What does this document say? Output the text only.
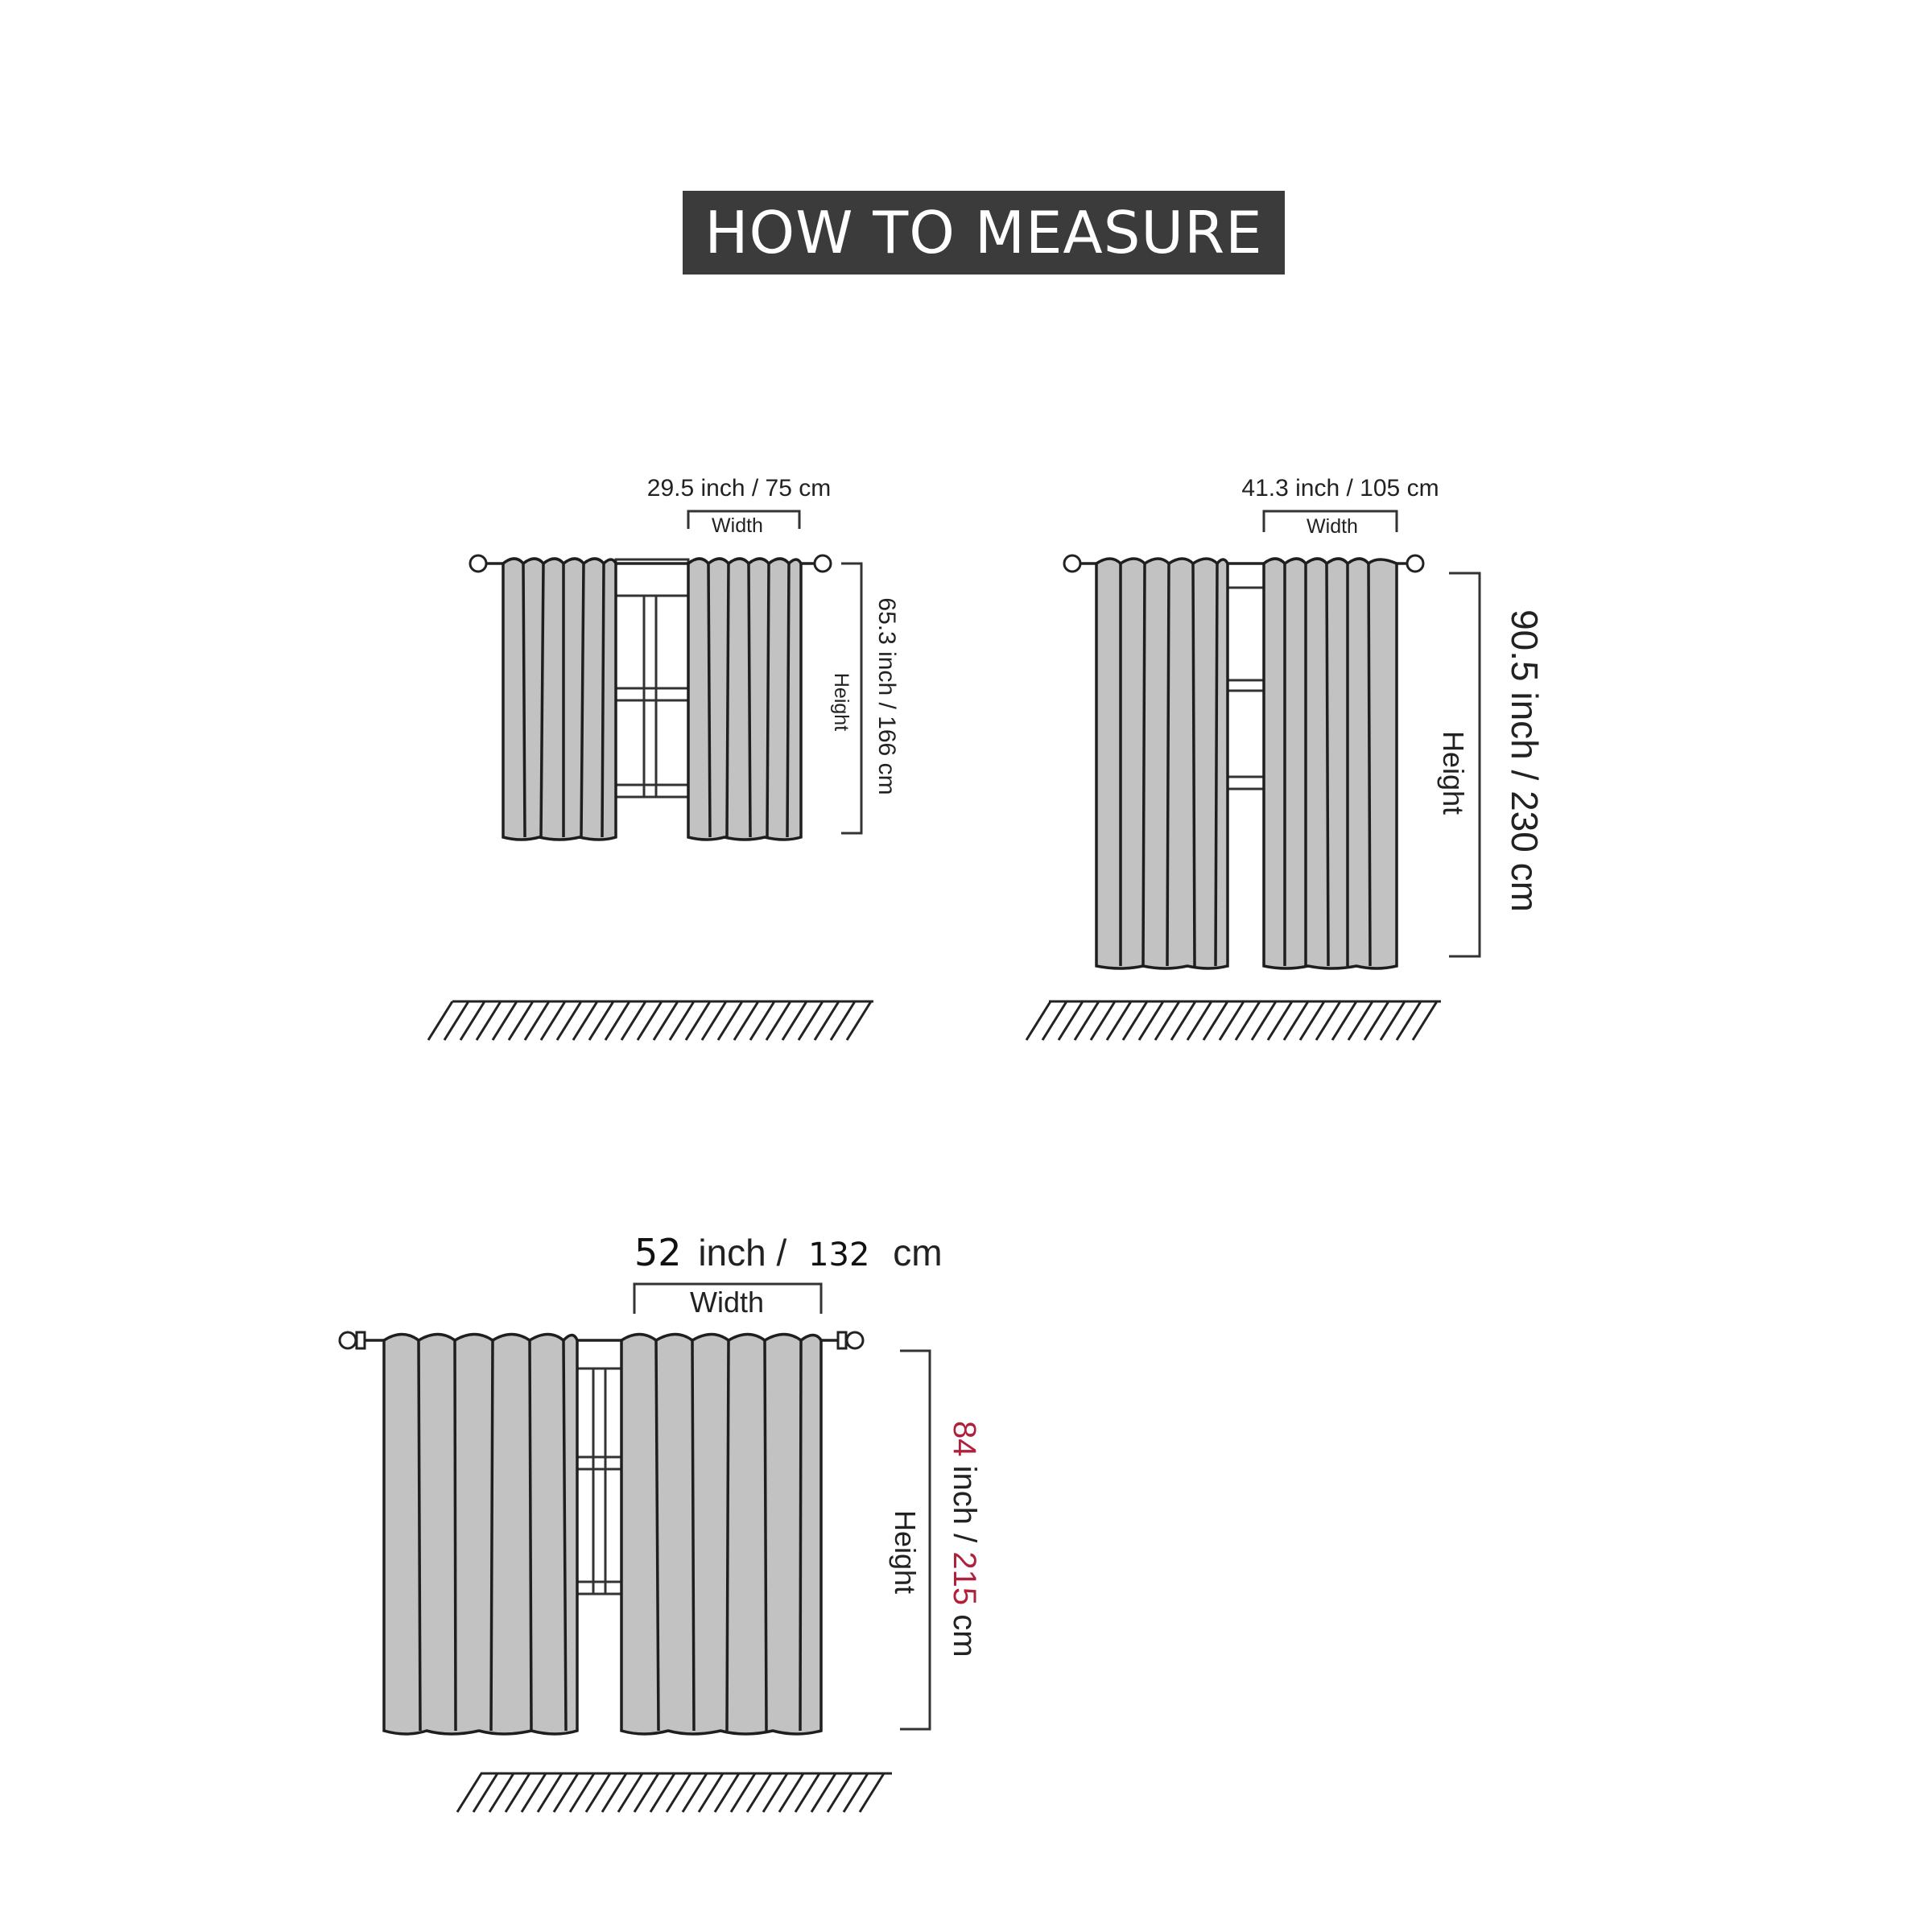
HOW TO MEASURE
29.5 inch / 75 cm
Width
Height 65.3 inch / 166 cm
41.3 inch / 105 cm
Width
Height 90.5 inch / 230 cm
52 inch / 132 cm
Width
Height
84 inch / 215 cm
